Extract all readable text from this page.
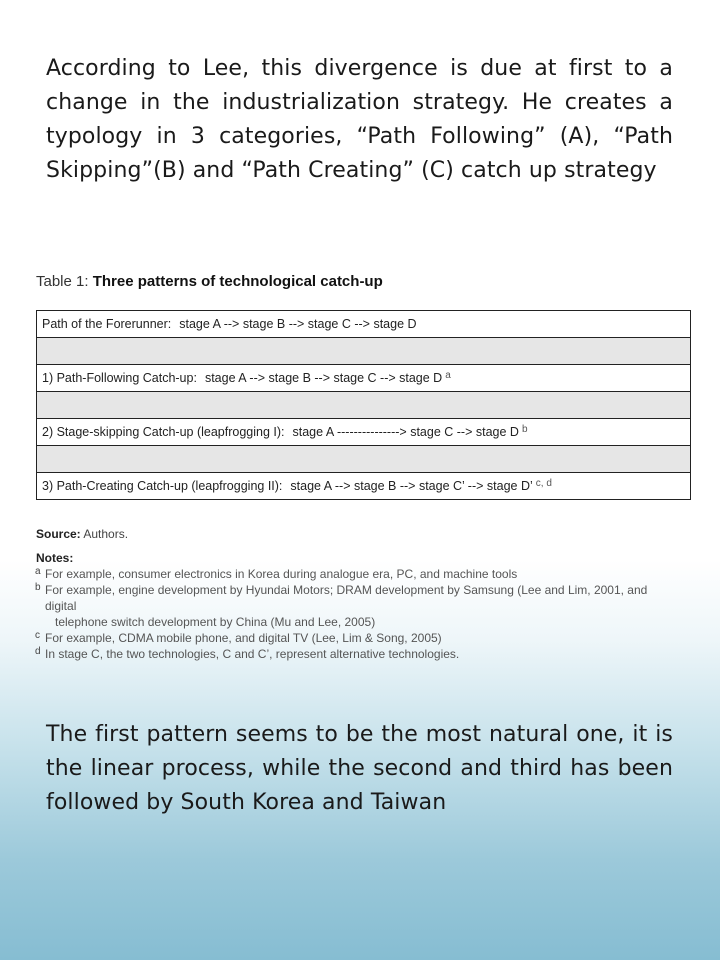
According to Lee, this divergence is due at first to a change in the industrialization strategy. He creates a typology in 3 categories, “Path Following” (A), “Path Skipping”(B) and “Path Creating” (C) catch up strategy
Table 1: Three patterns of technological catch-up
Path of the Forerunner: stage A --> stage B --> stage C --> stage D
1) Path-Following Catch-up: stage A --> stage B --> stage C --> stage D $^a$
2) Stage-skipping Catch-up (leapfrogging I): stage A ---------------> stage C --> stage D $^b$
3) Path-Creating Catch-up (leapfrogging II): stage A --> stage B --> stage C’ --> stage D’ $^{c, d}$
Source: Authors.
Notes:
a For example, consumer electronics in Korea during analogue era, PC, and machine tools
b For example, engine development by Hyundai Motors; DRAM development by Samsung (Lee and Lim, 2001, and digital
telephone switch development by China (Mu and Lee, 2005)
c For example, CDMA mobile phone, and digital TV (Lee, Lim & Song, 2005)
d In stage C, the two technologies, C and C’, represent alternative technologies.
The first pattern seems to be the most natural one, it is the linear process, while the second and third has been followed by South Korea and Taiwan
